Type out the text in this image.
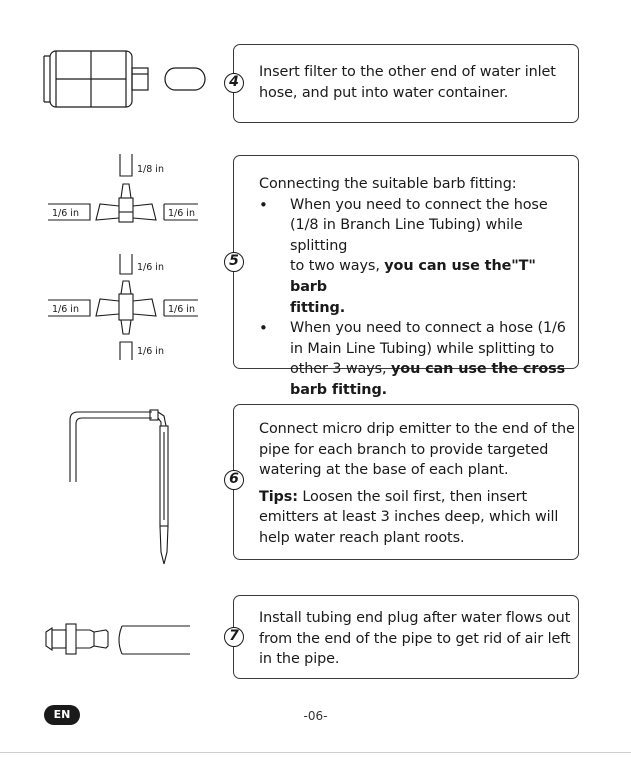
Insert filter to the other end of water inlet

hose, and put into water container.

4
1/8 in
1/6 in	1/6 in
1/6 in
1/6 in	1/6 in
1/6 in

Connecting the suitable barb fitting:

• When you need to connect the hose
(1/8 in Branch Line Tubing) while splitting
to two ways, you can use the"T" barb
fitting.
• When you need to connect a hose (1/6
in Main Line Tubing) while splitting to
other 3 ways, you can use the cross
barb fitting.
5

Connect micro drip emitter to the end of the

pipe for each branch to provide targeted

watering at the base of each plant.

Tips: Loosen the soil first, then insert

emitters at least 3 inches deep, which will

help water reach plant roots.

6

Install tubing end plug after water flows out

from the end of the pipe to get rid of air left

in the pipe.

7
EN	-06-
